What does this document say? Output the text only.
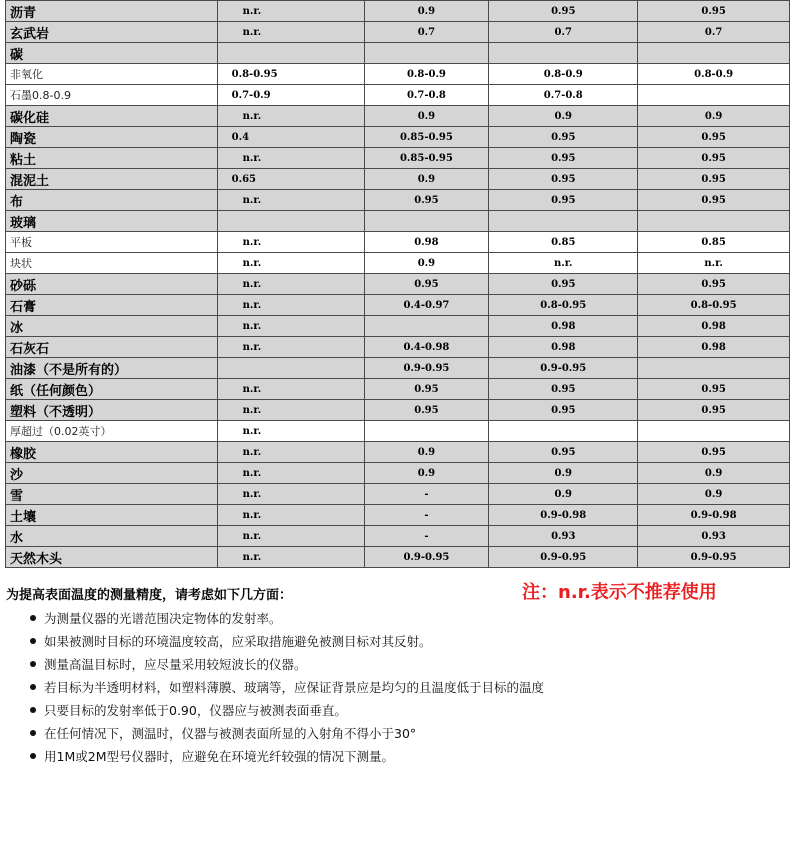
沥青	n.r.	0.9	0.95	0.95
玄武岩	n.r.	0.7	0.7	0.7
碳				
非氧化	0.8-0.95	0.8-0.9	0.8-0.9	0.8-0.9
石墨0.8-0.9	0.7-0.9	0.7-0.8	0.7-0.8	
碳化硅	n.r.	0.9	0.9	0.9
陶瓷	0.4	0.85-0.95	0.95	0.95
粘土	n.r.	0.85-0.95	0.95	0.95
混泥土	0.65	0.9	0.95	0.95
布	n.r.	0.95	0.95	0.95
玻璃				
平板	n.r.	0.98	0.85	0.85
块状	n.r.	0.9	n.r.	n.r.
砂砾	n.r.	0.95	0.95	0.95
石膏	n.r.	0.4-0.97	0.8-0.95	0.8-0.95
冰	n.r.		0.98	0.98
石灰石	n.r.	0.4-0.98	0.98	0.98
油漆（不是所有的）		0.9-0.95	0.9-0.95	
纸（任何颜色）	n.r.	0.95	0.95	0.95
塑料（不透明）	n.r.	0.95	0.95	0.95
厚超过（0.02英寸）	n.r.			
橡胶	n.r.	0.9	0.95	0.95
沙	n.r.	0.9	0.9	0.9
雪	n.r.	-	0.9	0.9
土壤	n.r.	-	0.9-0.98	0.9-0.98
水	n.r.	-	0.93	0.93
天然木头	n.r.	0.9-0.95	0.9-0.95	0.9-0.95

为提高表面温度的测量精度，请考虑如下几方面：	注：n.r.表示不推荐使用

为测量仪器的光谱范围决定物体的发射率。
如果被测时目标的环境温度较高，应采取措施避免被测目标对其反射。
测量高温目标时，应尽量采用较短波长的仪器。
若目标为半透明材料，如塑料薄膜、玻璃等，应保证背景应是均匀的且温度低于目标的温度
只要目标的发射率低于0.90，仪器应与被测表面垂直。
在任何情况下，测温时，仪器与被测表面所显的入射角不得小于30°
用1M或2M型号仪器时，应避免在环境光纤较强的情况下测量。
